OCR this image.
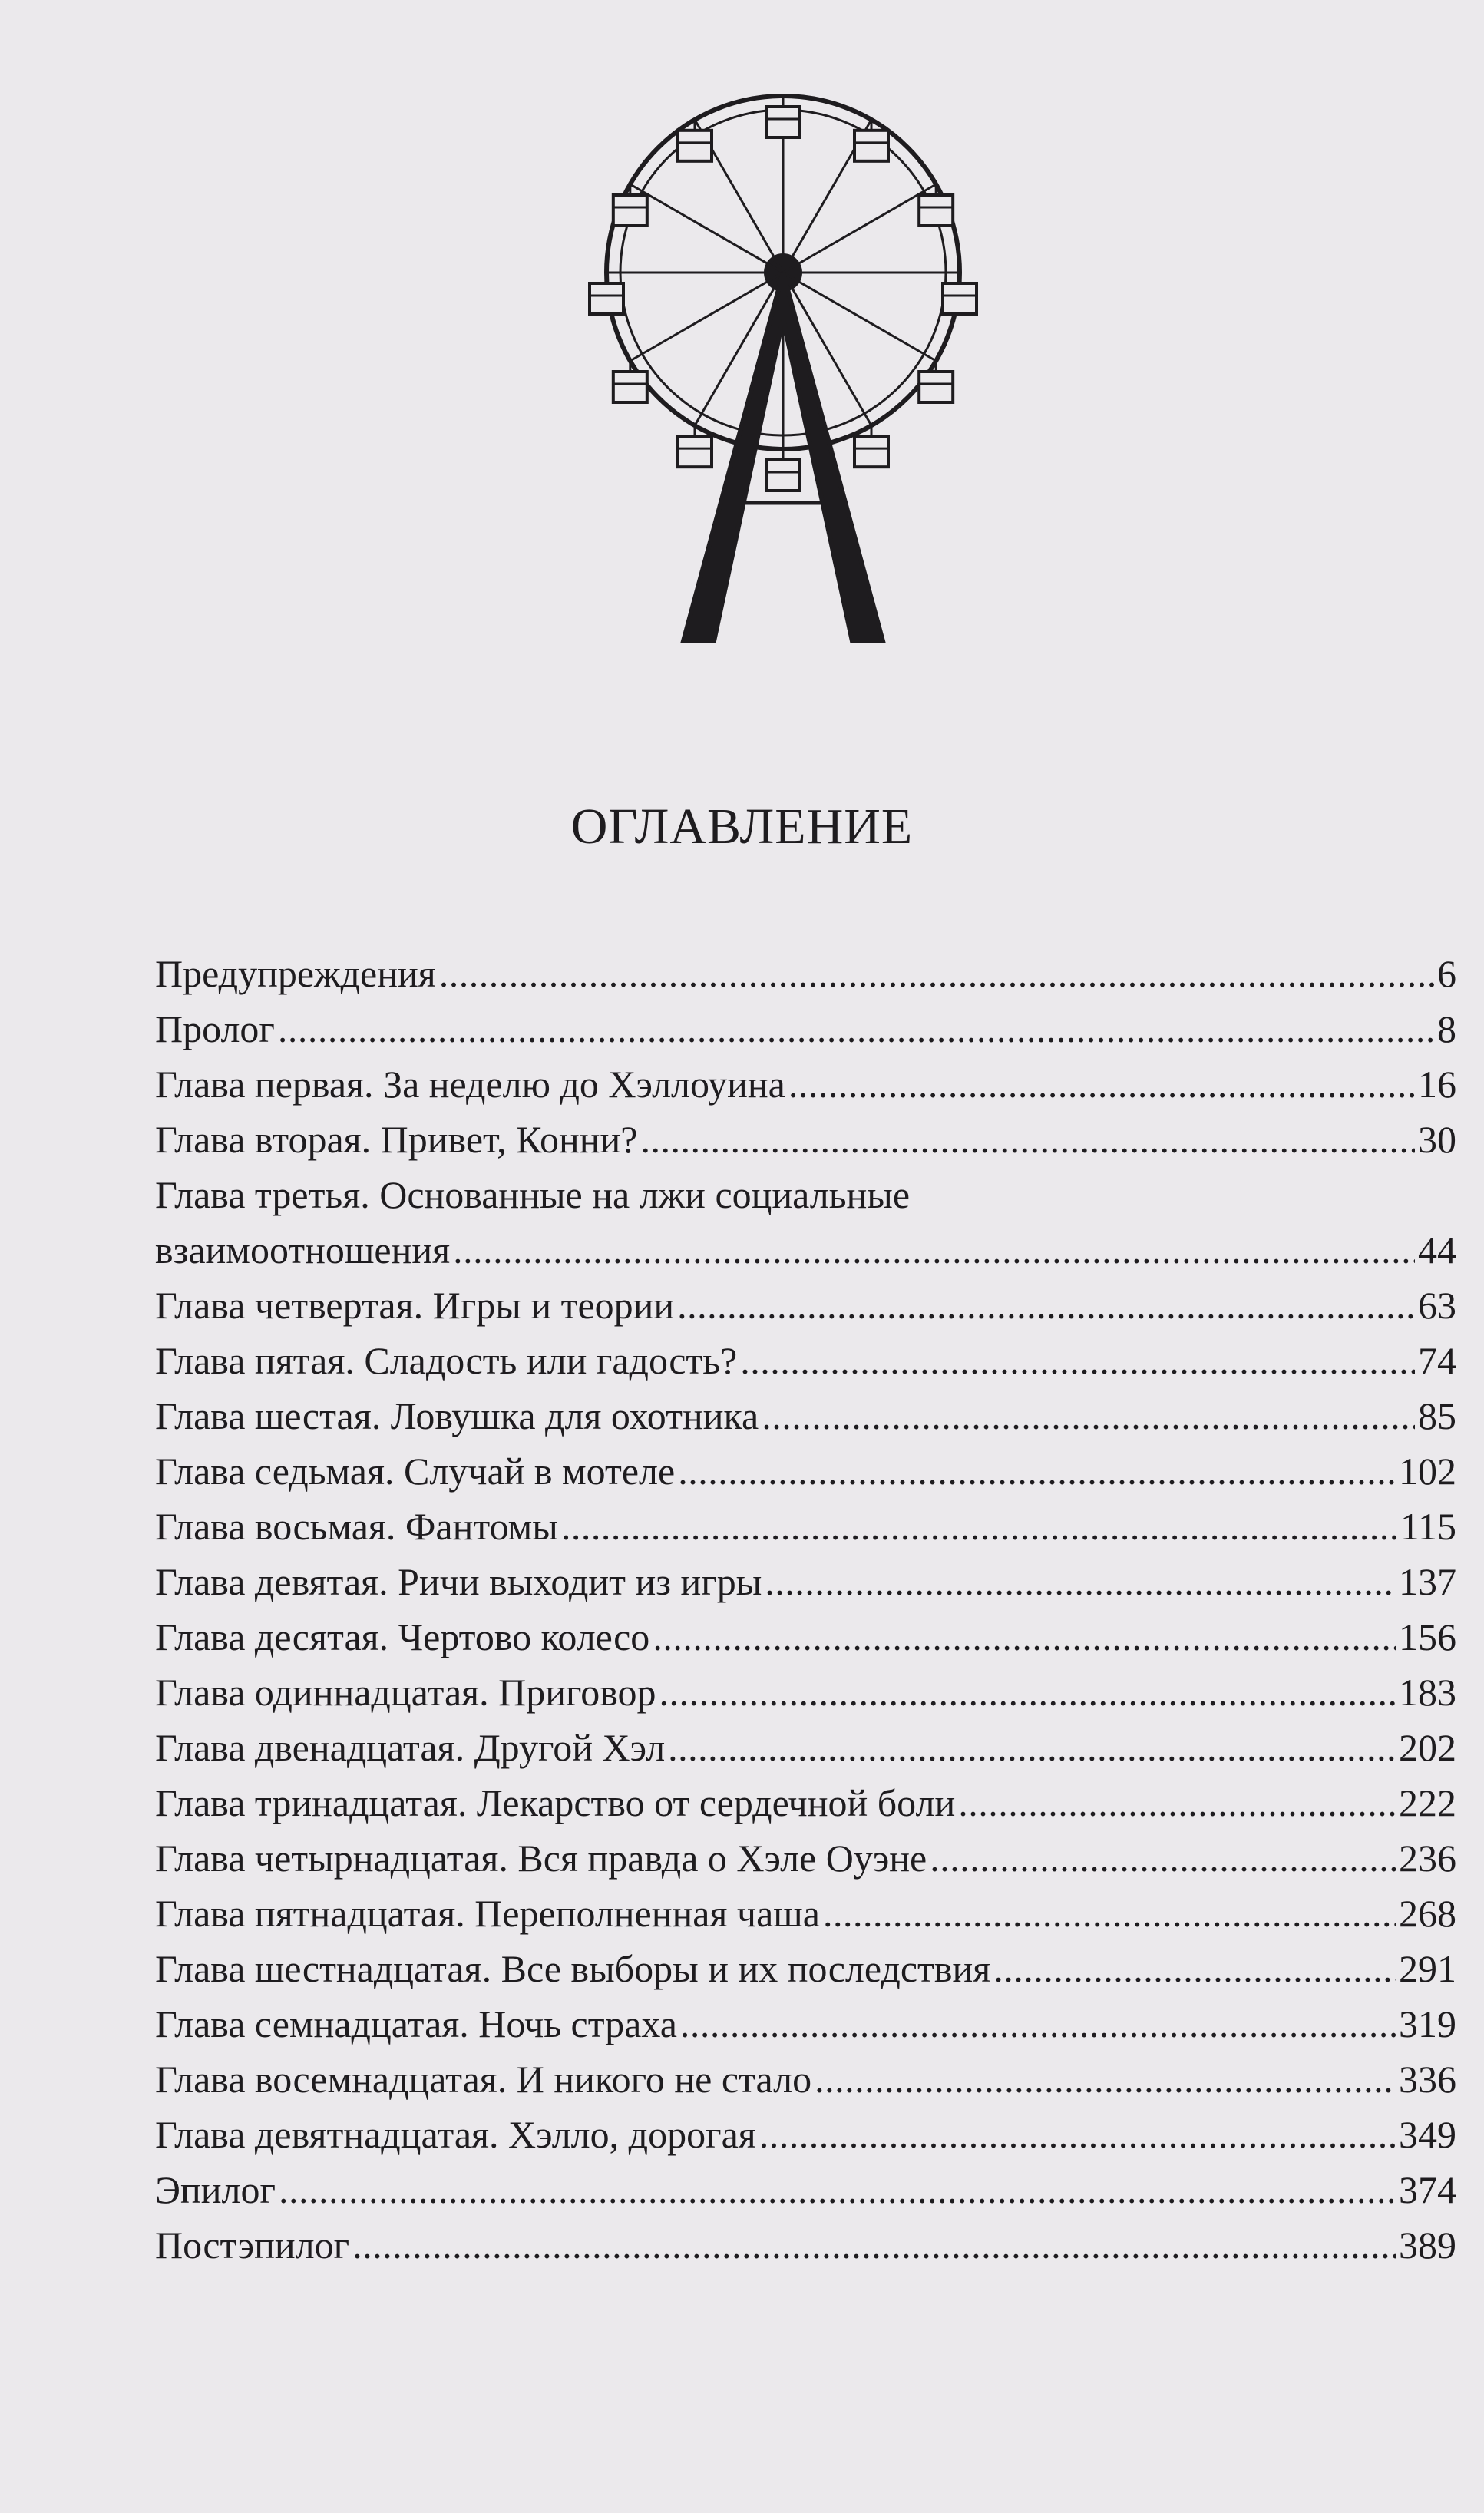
ОГЛАВЛЕНИЕ
Предупреждения . . .	6
Пролог . . .	8
Глава первая. За неделю до Хэллоуина . . .	16
Глава вторая. Привет, Конни? . . .	30
Глава третья. Основанные на лжи социальные
взаимоотношения . . .	44
Глава четвертая. Игры и теории . . .	63
Глава пятая. Сладость или гадость? . . .	74
Глава шестая. Ловушка для охотника . . .	85
Глава седьмая. Случай в мотеле . . .	102
Глава восьмая. Фантомы . . .	115
Глава девятая. Ричи выходит из игры . . .	137
Глава десятая. Чертово колесо . . .	156
Глава одиннадцатая. Приговор . . .	183
Глава двенадцатая. Другой Хэл . . .	202
Глава тринадцатая. Лекарство от сердечной боли . . .	222
Глава четырнадцатая. Вся правда о Хэле Оуэне . . .	236
Глава пятнадцатая. Переполненная чаша . . .	268
Глава шестнадцатая. Все выборы и их последствия . . .	291
Глава семнадцатая. Ночь страха . . .	319
Глава восемнадцатая. И никого не стало . . .	336
Глава девятнадцатая. Хэлло, дорогая . . .	349
Эпилог . . .	374
Постэпилог . . .	389
